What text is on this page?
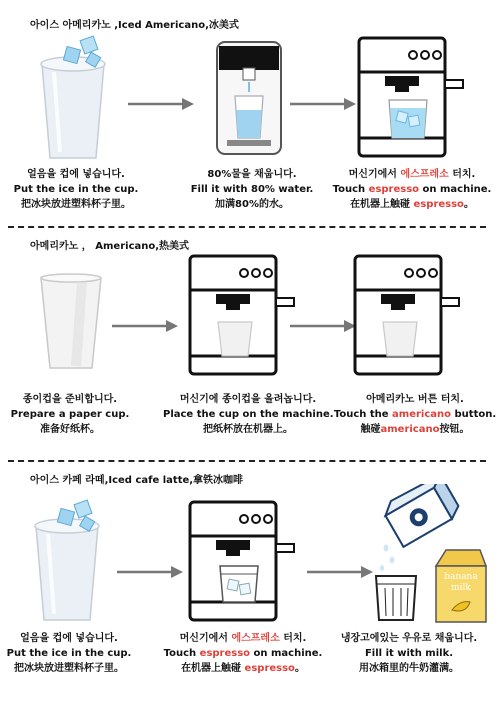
아이스 아메리카노 ,Iced Americano,冰美式
얼음을 컵에 넣습니다.
Put the ice in the cup.
把冰块放进塑料杯子里。
80%물을 채웁니다.
Fill it with 80% water.
加满80%的水。
머신기에서 에스프레소 터치.
Touch espresso on machine.
在机器上触碰 espresso。
아메리카노 ， Americano,热美式
종이컵을 준비합니다.
Prepare a paper cup.
准备好纸杯。
머신기에 종이컵을 올려놉니다.
Place the cup on the machine.
把纸杯放在机器上。
아메리카노 버튼 터치.
Touch the americano button.
触碰americano按钮。
아이스 카페 라떼,Iced cafe latte,拿铁冰咖啡
banana
milk
얼음을 컵에 넣습니다.
Put the ice in the cup.
把冰块放进塑料杯子里。
머신기에서 에스프레소 터치.
Touch espresso on machine.
在机器上触碰 espresso。
냉장고에있는 우유로 채웁니다.
Fill it with milk.
用冰箱里的牛奶灌满。
